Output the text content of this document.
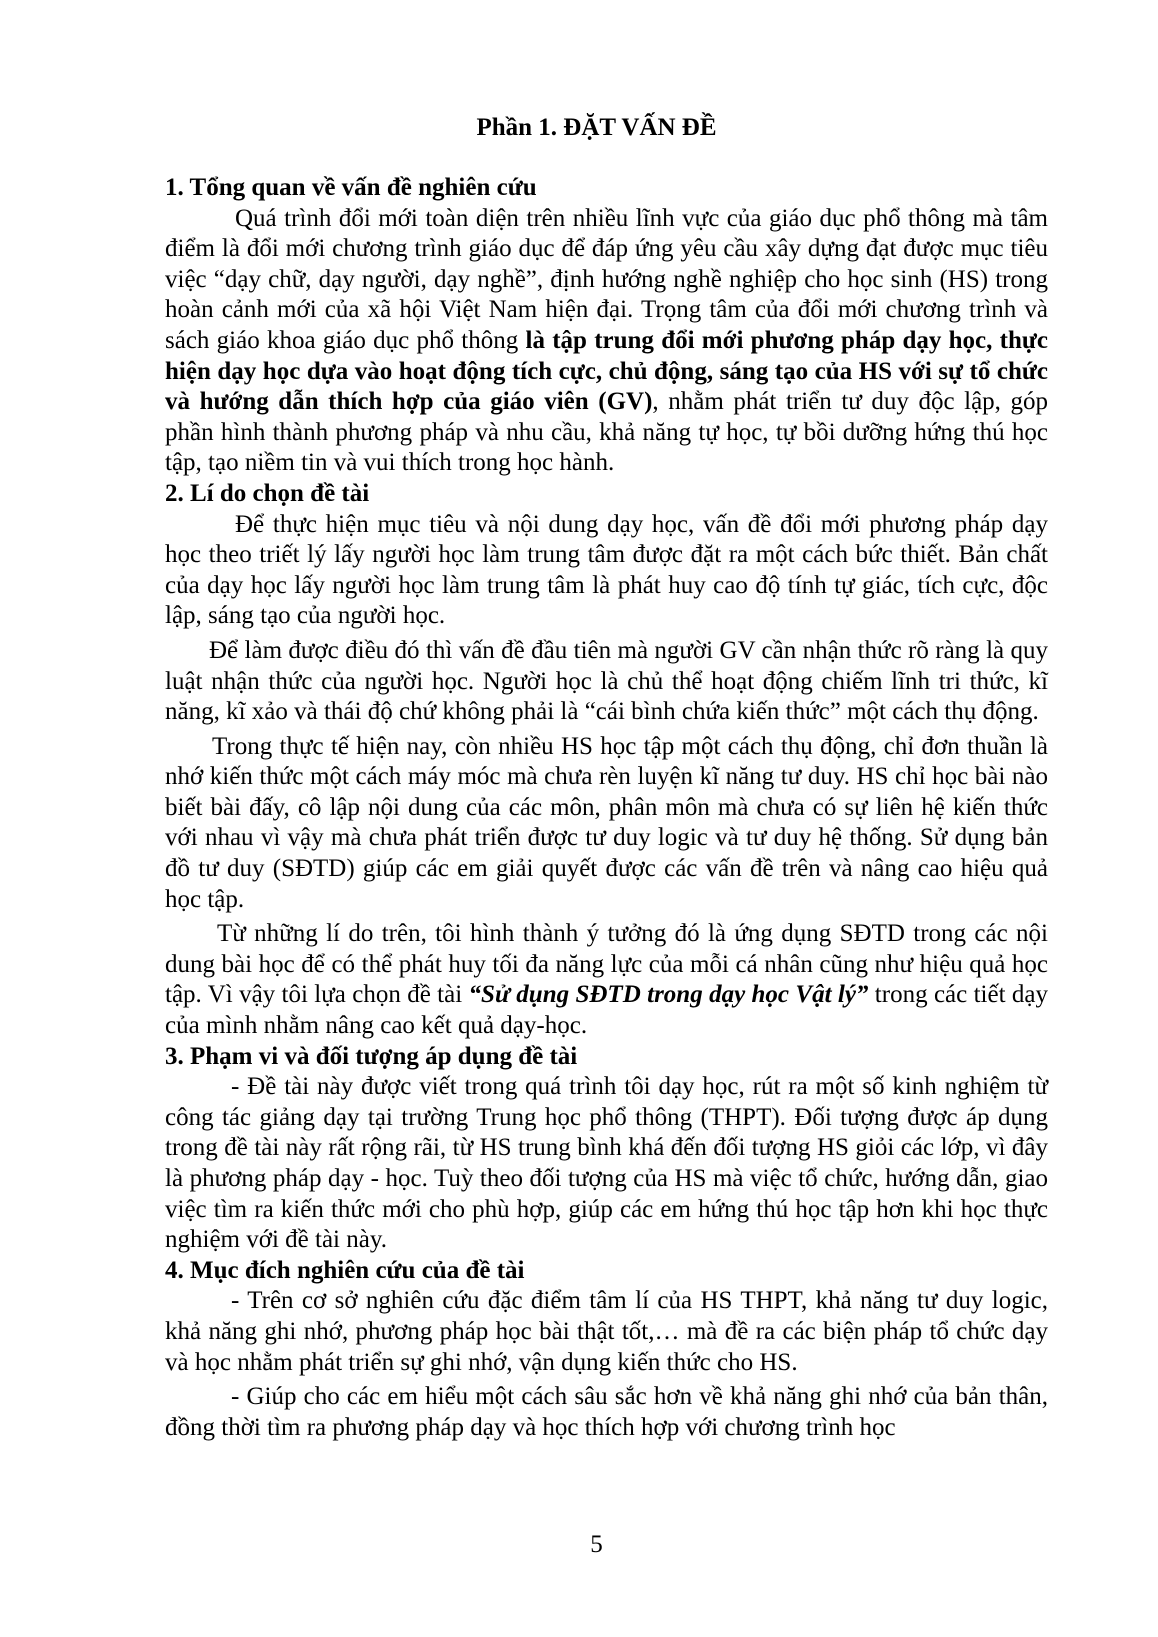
Phần 1. ĐẶT VẤN ĐỀ
1. Tổng quan về vấn đề nghiên cứu

Quá trình đổi mới toàn diện trên nhiều lĩnh vực của giáo dục phổ thông mà tâm điểm là đổi mới chương trình giáo dục để đáp ứng yêu cầu xây dựng đạt được mục tiêu việc “dạy chữ, dạy người, dạy nghề”, định hướng nghề nghiệp cho học sinh (HS) trong hoàn cảnh mới của xã hội Việt Nam hiện đại. Trọng tâm của đổi mới chương trình và sách giáo khoa giáo dục phổ thông là tập trung đổi mới phương pháp dạy học, thực hiện dạy học dựa vào hoạt động tích cực, chủ động, sáng tạo của HS với sự tổ chức và hướng dẫn thích hợp của giáo viên (GV), nhằm phát triển tư duy độc lập, góp phần hình thành phương pháp và nhu cầu, khả năng tự học, tự bồi dưỡng hứng thú học tập, tạo niềm tin và vui thích trong học hành.

2. Lí do chọn đề tài

Để thực hiện mục tiêu và nội dung dạy học, vấn đề đổi mới phương pháp dạy học theo triết lý lấy người học làm trung tâm được đặt ra một cách bức thiết. Bản chất của dạy học lấy người học làm trung tâm là phát huy cao độ tính tự giác, tích cực, độc lập, sáng tạo của người học.

Để làm được điều đó thì vấn đề đầu tiên mà người GV cần nhận thức rõ ràng là quy luật nhận thức của người học. Người học là chủ thể hoạt động chiếm lĩnh tri thức, kĩ năng, kĩ xảo và thái độ chứ không phải là “cái bình chứa kiến thức” một cách thụ động.

Trong thực tế hiện nay, còn nhiều HS học tập một cách thụ động, chỉ đơn thuần là nhớ kiến thức một cách máy móc mà chưa rèn luyện kĩ năng tư duy. HS chỉ học bài nào biết bài đấy, cô lập nội dung của các môn, phân môn mà chưa có sự liên hệ kiến thức với nhau vì vậy mà chưa phát triển được tư duy logic và tư duy hệ thống. Sử dụng bản đồ tư duy (SĐTD) giúp các em giải quyết được các vấn đề trên và nâng cao hiệu quả học tập.

Từ những lí do trên, tôi hình thành ý tưởng đó là ứng dụng SĐTD trong các nội dung bài học để có thể phát huy tối đa năng lực của mỗi cá nhân cũng như hiệu quả học tập. Vì vậy tôi lựa chọn đề tài “Sử dụng SĐTD trong dạy học Vật lý” trong các tiết dạy của mình nhằm nâng cao kết quả dạy-học.

3. Phạm vi và đối tượng áp dụng đề tài

- Đề tài này được viết trong quá trình tôi dạy học, rút ra một số kinh nghiệm từ công tác giảng dạy tại trường Trung học phổ thông (THPT). Đối tượng được áp dụng trong đề tài này rất rộng rãi, từ HS trung bình khá đến đối tượng HS giỏi các lớp, vì đây là phương pháp dạy - học. Tuỳ theo đối tượng của HS mà việc tổ chức, hướng dẫn, giao việc tìm ra kiến thức mới cho phù hợp, giúp các em hứng thú học tập hơn khi học thực nghiệm với đề tài này.

4. Mục đích nghiên cứu của đề tài

- Trên cơ sở nghiên cứu đặc điểm tâm lí của HS THPT, khả năng tư duy logic, khả năng ghi nhớ, phương pháp học bài thật tốt,… mà đề ra các biện pháp tổ chức dạy và học nhằm phát triển sự ghi nhớ, vận dụng kiến thức cho HS.

- Giúp cho các em hiểu một cách sâu sắc hơn về khả năng ghi nhớ của bản thân, đồng thời tìm ra phương pháp dạy và học thích hợp với chương trình học

5
